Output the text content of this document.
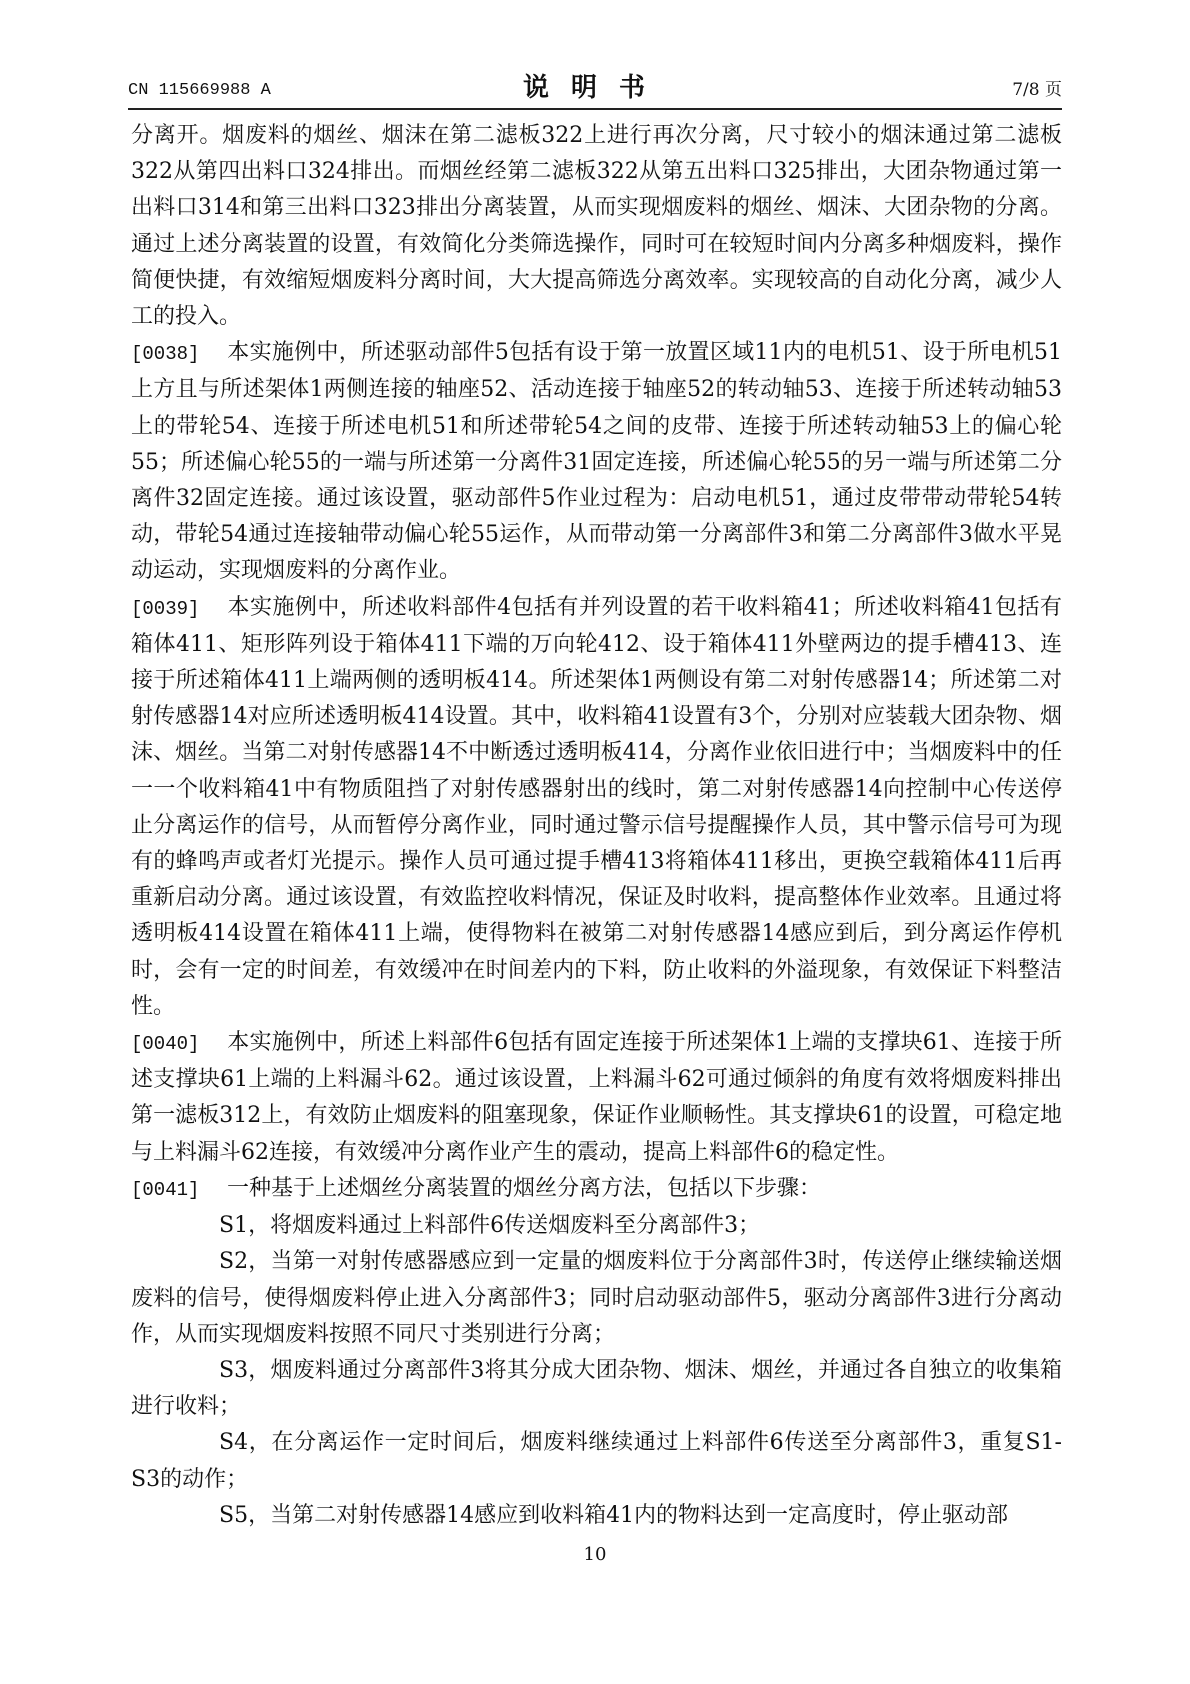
CN 115669988 A	说明书	7/8 页

分离开。烟废料的烟丝、烟沫在第二滤板322上进行再次分离，尺寸较小的烟沫通过第二滤板322从第四出料口324排出。而烟丝经第二滤板322从第五出料口325排出，大团杂物通过第一出料口314和第三出料口323排出分离装置，从而实现烟废料的烟丝、烟沫、大团杂物的分离。通过上述分离装置的设置，有效简化分类筛选操作，同时可在较短时间内分离多种烟废料，操作简便快捷，有效缩短烟废料分离时间，大大提高筛选分离效率。实现较高的自动化分离，减少人工的投入。

[0038] 本实施例中，所述驱动部件5包括有设于第一放置区域11内的电机51、设于所电机51上方且与所述架体1两侧连接的轴座52、活动连接于轴座52的转动轴53、连接于所述转动轴53上的带轮54、连接于所述电机51和所述带轮54之间的皮带、连接于所述转动轴53上的偏心轮55；所述偏心轮55的一端与所述第一分离件31固定连接，所述偏心轮55的另一端与所述第二分离件32固定连接。通过该设置，驱动部件5作业过程为：启动电机51，通过皮带带动带轮54转动，带轮54通过连接轴带动偏心轮55运作，从而带动第一分离部件3和第二分离部件3做水平晃动运动，实现烟废料的分离作业。

[0039] 本实施例中，所述收料部件4包括有并列设置的若干收料箱41；所述收料箱41包括有箱体411、矩形阵列设于箱体411下端的万向轮412、设于箱体411外壁两边的提手槽413、连接于所述箱体411上端两侧的透明板414。所述架体1两侧设有第二对射传感器14；所述第二对射传感器14对应所述透明板414设置。其中，收料箱41设置有3个，分别对应装载大团杂物、烟沫、烟丝。当第二对射传感器14不中断透过透明板414，分离作业依旧进行中；当烟废料中的任一一个收料箱41中有物质阻挡了对射传感器射出的线时，第二对射传感器14向控制中心传送停止分离运作的信号，从而暂停分离作业，同时通过警示信号提醒操作人员，其中警示信号可为现有的蜂鸣声或者灯光提示。操作人员可通过提手槽413将箱体411移出，更换空载箱体411后再重新启动分离。通过该设置，有效监控收料情况，保证及时收料，提高整体作业效率。且通过将透明板414设置在箱体411上端，使得物料在被第二对射传感器14感应到后，到分离运作停机时，会有一定的时间差，有效缓冲在时间差内的下料，防止收料的外溢现象，有效保证下料整洁性。

[0040] 本实施例中，所述上料部件6包括有固定连接于所述架体1上端的支撑块61、连接于所述支撑块61上端的上料漏斗62。通过该设置，上料漏斗62可通过倾斜的角度有效将烟废料排出第一滤板312上，有效防止烟废料的阻塞现象，保证作业顺畅性。其支撑块61的设置，可稳定地与上料漏斗62连接，有效缓冲分离作业产生的震动，提高上料部件6的稳定性。

[0041] 一种基于上述烟丝分离装置的烟丝分离方法，包括以下步骤：

S1，将烟废料通过上料部件6传送烟废料至分离部件3；

S2，当第一对射传感器感应到一定量的烟废料位于分离部件3时，传送停止继续输送烟废料的信号，使得烟废料停止进入分离部件3；同时启动驱动部件5，驱动分离部件3进行分离动作，从而实现烟废料按照不同尺寸类别进行分离；

S3，烟废料通过分离部件3将其分成大团杂物、烟沫、烟丝，并通过各自独立的收集箱进行收料；

S4，在分离运作一定时间后，烟废料继续通过上料部件6传送至分离部件3，重复S1-S3的动作；

S5，当第二对射传感器14感应到收料箱41内的物料达到一定高度时，停止驱动部

10
